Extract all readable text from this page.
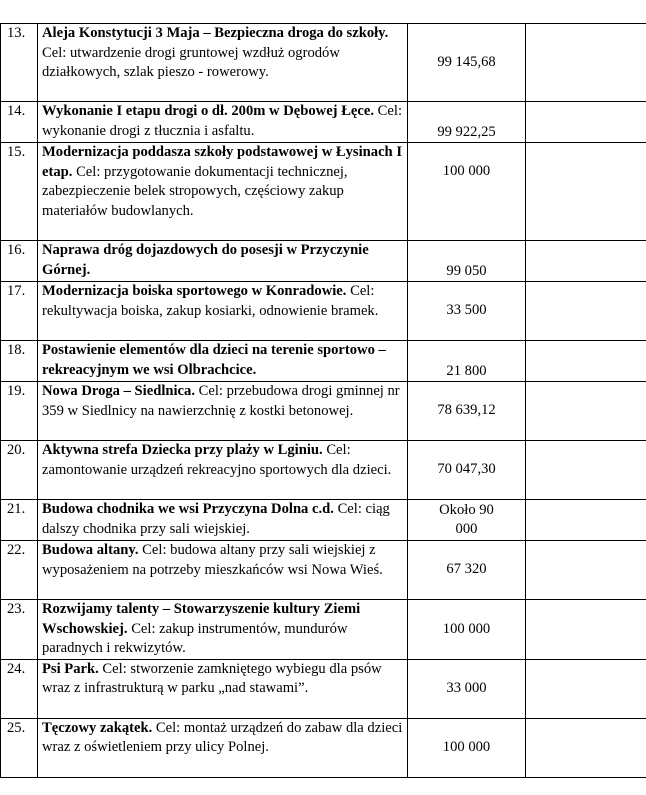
13.	Aleja Konstytucji 3 Maja – Bezpieczna droga do szkoły. Cel: utwardzenie drogi gruntowej wzdłuż ogrodów działkowych, szlak pieszo - rowerowy.	99 145,68	
14.	Wykonanie I etapu drogi o dł. 200m w Dębowej Łęce. Cel: wykonanie drogi z tłucznia i asfaltu.	99 922,25	
15.	Modernizacja poddasza szkoły podstawowej w Łysinach I etap. Cel: przygotowanie dokumentacji technicznej, zabezpieczenie belek stropowych, częściowy zakup materiałów budowlanych.	100 000	
16.	Naprawa dróg dojazdowych do posesji w Przyczynie Górnej.	99 050	
17.	Modernizacja boiska sportowego w Konradowie. Cel: rekultywacja boiska, zakup kosiarki, odnowienie bramek.	33 500	
18.	Postawienie elementów dla dzieci na terenie sportowo – rekreacyjnym we wsi Olbrachcice.	21 800	
19.	Nowa Droga – Siedlnica. Cel: przebudowa drogi gminnej nr 359 w Siedlnicy na nawierzchnię z kostki betonowej.	78 639,12	
20.	Aktywna strefa Dziecka przy plaży w Lginiu. Cel: zamontowanie urządzeń rekreacyjno sportowych dla dzieci.	70 047,30	
21.	Budowa chodnika we wsi Przyczyna Dolna c.d. Cel: ciąg dalszy chodnika przy sali wiejskiej.	Około 90 000	
22.	Budowa altany. Cel: budowa altany przy sali wiejskiej z wyposażeniem na potrzeby mieszkańców wsi Nowa Wieś.	67 320	
23.	Rozwijamy talenty – Stowarzyszenie kultury Ziemi Wschowskiej. Cel: zakup instrumentów, mundurów paradnych i rekwizytów.	100 000	
24.	Psi Park. Cel: stworzenie zamkniętego wybiegu dla psów wraz z infrastrukturą w parku „nad stawami”.	33 000	
25.	Tęczowy zakątek. Cel: montaż urządzeń do zabaw dla dzieci wraz z oświetleniem przy ulicy Polnej.	100 000	
